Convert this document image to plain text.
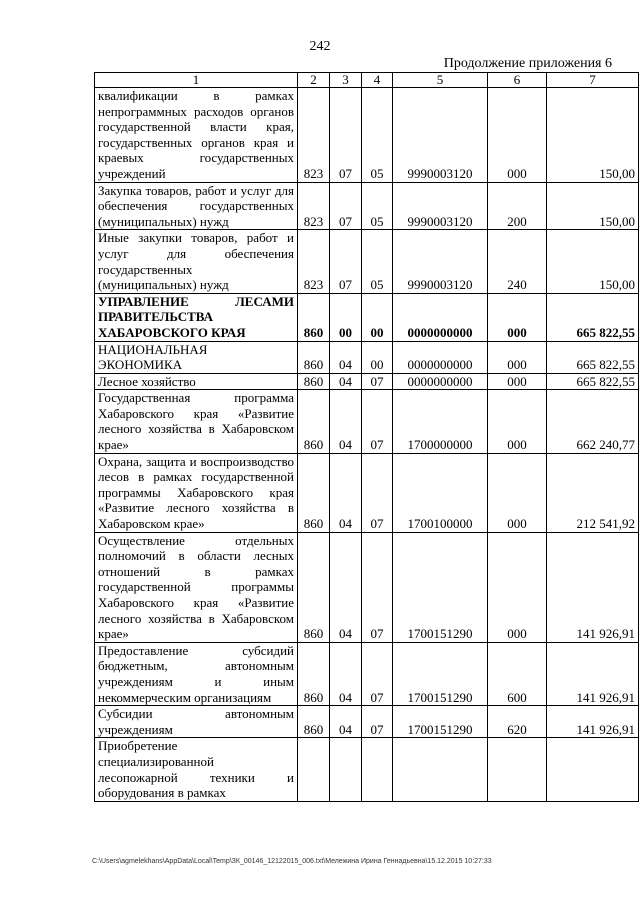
242
Продолжение приложения 6
1	2	3	4	5	6	7
квалификации в рамках непрограммных расходов органов государственной власти края, государственных органов края и краевых государственных учреждений	823	07	05	9990003120	000	150,00
Закупка товаров, работ и услуг для обеспечения государственных (муниципальных) нужд	823	07	05	9990003120	200	150,00
Иные закупки товаров, работ и услуг для обеспечения государственных (муниципальных) нужд	823	07	05	9990003120	240	150,00
УПРАВЛЕНИЕ ЛЕСАМИ ПРАВИТЕЛЬСТВА ХАБАРОВСКОГО КРАЯ	860	00	00	0000000000	000	665 822,55
НАЦИОНАЛЬНАЯ ЭКОНОМИКА	860	04	00	0000000000	000	665 822,55
Лесное хозяйство	860	04	07	0000000000	000	665 822,55
Государственная программа Хабаровского края «Развитие лесного хозяйства в Хабаровском крае»	860	04	07	1700000000	000	662 240,77
Охрана, защита и воспроизводство лесов в рамках государственной программы Хабаровского края «Развитие лесного хозяйства в Хабаровском крае»	860	04	07	1700100000	000	212 541,92
Осуществление отдельных полномочий в области лесных отношений в рамках государственной программы Хабаровского края «Развитие лесного хозяйства в Хабаровском крае»	860	04	07	1700151290	000	141 926,91
Предоставление субсидий бюджетным, автономным учреждениям и иным некоммерческим организациям	860	04	07	1700151290	600	141 926,91
Субсидии автономным учреждениям	860	04	07	1700151290	620	141 926,91
Приобретение специализированной лесопожарной техники и оборудования в рамках						
C:\Users\agmelekhans\AppData\Local\Temp\ЗК_00146_12122015_006.txt\Мележина Ирина Геннадьевна\15.12.2015 10:27:33
